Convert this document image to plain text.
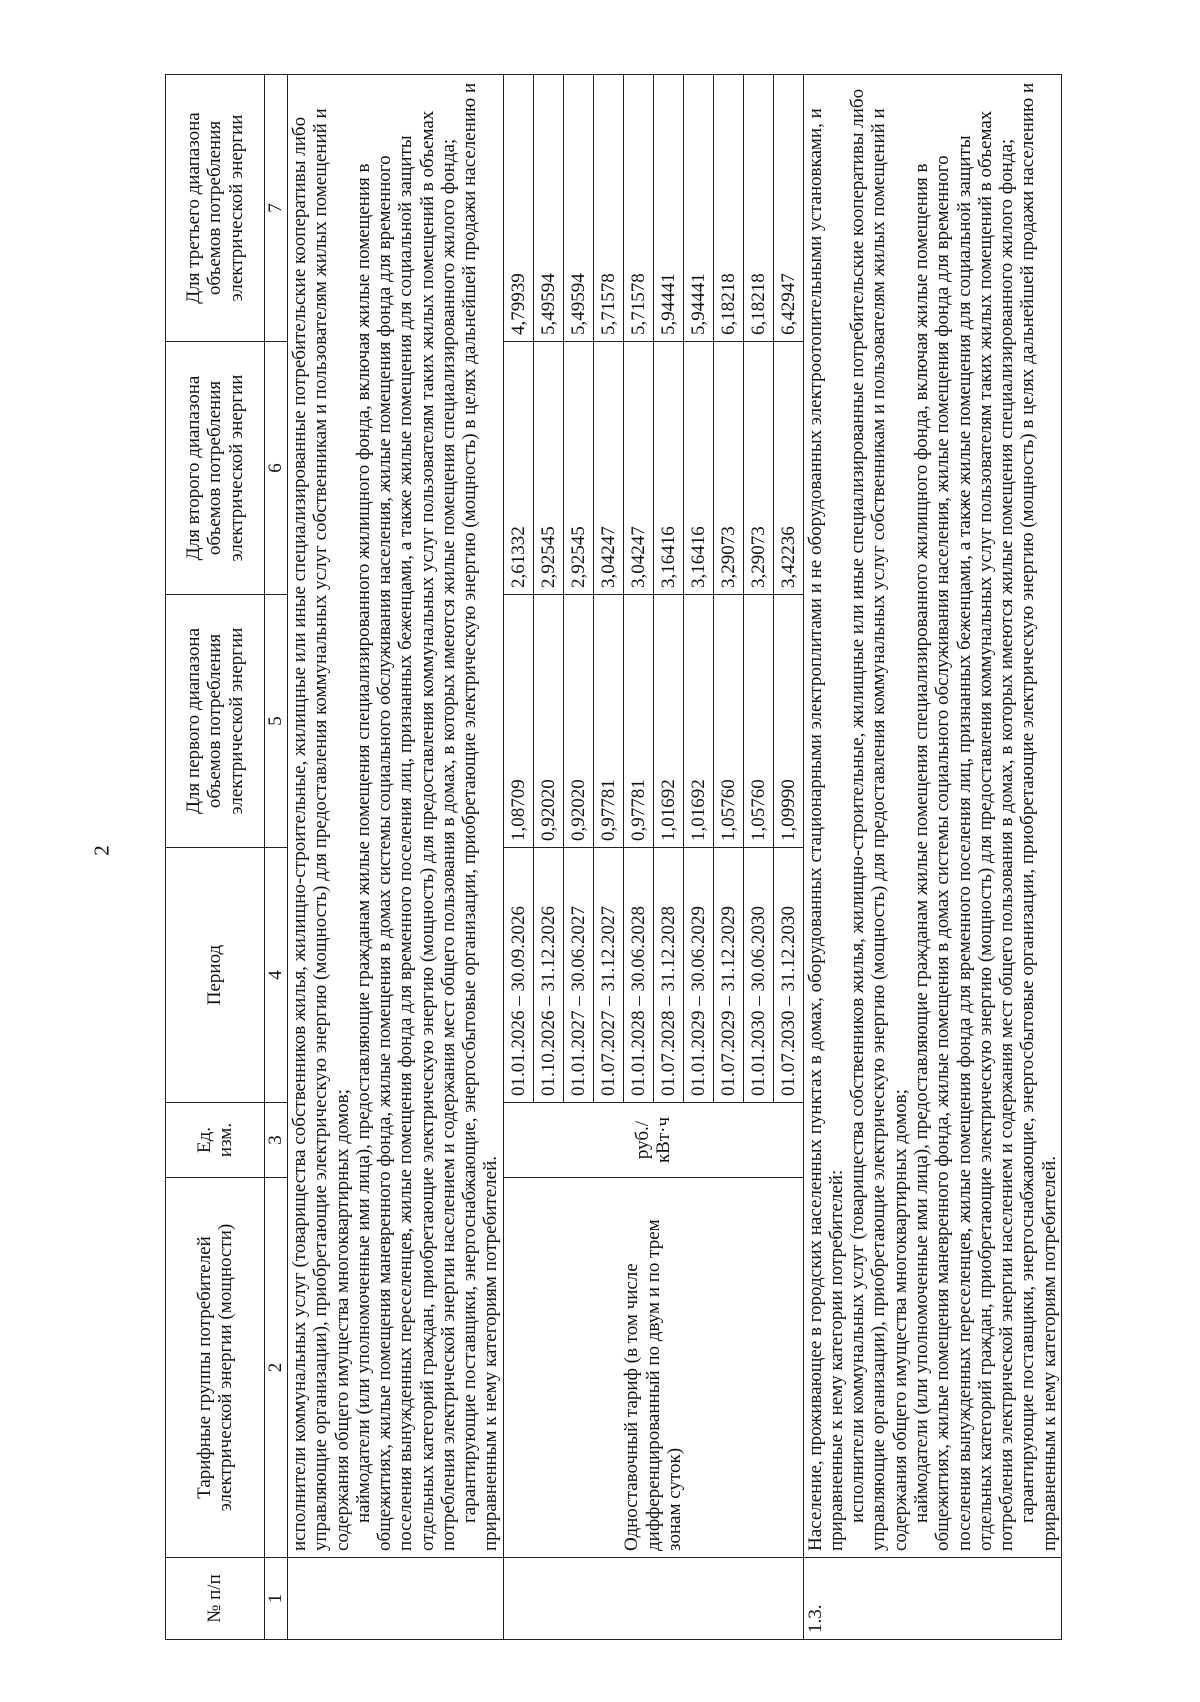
2
№ п/п	Тарифные группы потребителей электрической энергии (мощности)	Ед. изм.	Период	Для первого диапазона объемов потребления электрической энергии	Для второго диапазона объемов потребления электрической энергии	Для третьего диапазона объемов потребления электрической энергии
1	2	3	4	5	6	7

	исполнители коммунальных услуг (товарищества собственников жилья, жилищно-строительные, жилищные или иные специализированные потребительские кооперативы либо управляющие организации), приобретающие электрическую энергию (мощность) для предоставления коммунальных услуг собственникам и пользователям жилых помещений и содержания общего имущества многоквартирных домов; наймодатели (или уполномоченные ими лица), предоставляющие гражданам жилые помещения специализированного жилищного фонда, включая жилые помещения в общежитиях, жилые помещения маневренного фонда, жилые помещения в домах системы социального обслуживания населения, жилые помещения фонда для временного поселения вынужденных переселенцев, жилые помещения фонда для временного поселения лиц, признанных беженцами, а также жилые помещения для социальной защиты отдельных категорий граждан, приобретающие электрическую энергию (мощность) для предоставления коммунальных услуг пользователям таких жилых помещений в объемах потребления электрической энергии населением и содержания мест общего пользования в домах, в которых имеются жилые помещения специализированного жилого фонда; гарантирующие поставщики, энергоснабжающие, энергосбытовые организации, приобретающие электрическую энергию (мощность) в целях дальнейшей продажи населению и приравненным к нему категориям потребителей.					

	Одноставочный тариф (в том числе дифференцированный по двум и по трем зонам суток)	руб./ кВт·ч	01.01.2026 – 30.09.2026	1,08709	2,61332	4,79939
			01.10.2026 – 31.12.2026	0,92020	2,92545	5,49594
			01.01.2027 – 30.06.2027	0,92020	2,92545	5,49594
			01.07.2027 – 31.12.2027	0,97781	3,04247	5,71578
			01.01.2028 – 30.06.2028	0,97781	3,04247	5,71578
			01.07.2028 – 31.12.2028	1,01692	3,16416	5,94441
			01.01.2029 – 30.06.2029	1,01692	3,16416	5,94441
			01.07.2029 – 31.12.2029	1,05760	3,29073	6,18218
			01.01.2030 – 30.06.2030	1,05760	3,29073	6,18218
			01.07.2030 – 31.12.2030	1,09990	3,42236	6,42947
1.3.	Население, проживающее в городских населенных пунктах в домах, оборудованных стационарными электроплитами и не оборудованных электроотопительными установками, и приравненные к нему категории потребителей: исполнители коммунальных услуг (товарищества собственников жилья, жилищно-строительные, жилищные или иные специализированные потребительские кооперативы либо управляющие организации), приобретающие электрическую энергию (мощность) для предоставления коммунальных услуг собственникам и пользователям жилых помещений и содержания общего имущества многоквартирных домов; наймодатели (или уполномоченные ими лица), предоставляющие гражданам жилые помещения специализированного жилищного фонда, включая жилые помещения в общежитиях, жилые помещения маневренного фонда, жилые помещения в домах системы социального обслуживания населения, жилые помещения фонда для временного поселения вынужденных переселенцев, жилые помещения фонда для временного поселения лиц, признанных беженцами, а также жилые помещения для социальной защиты отдельных категорий граждан, приобретающие электрическую энергию (мощность) для предоставления коммунальных услуг пользователям таких жилых помещений в объемах потребления электрической энергии населением и содержания мест общего пользования в домах, в которых имеются жилые помещения специализированного жилого фонда; гарантирующие поставщики, энергоснабжающие, энергосбытовые организации, приобретающие электрическую энергию (мощность) в целях дальнейшей продажи населению и приравненным к нему категориям потребителей.					
